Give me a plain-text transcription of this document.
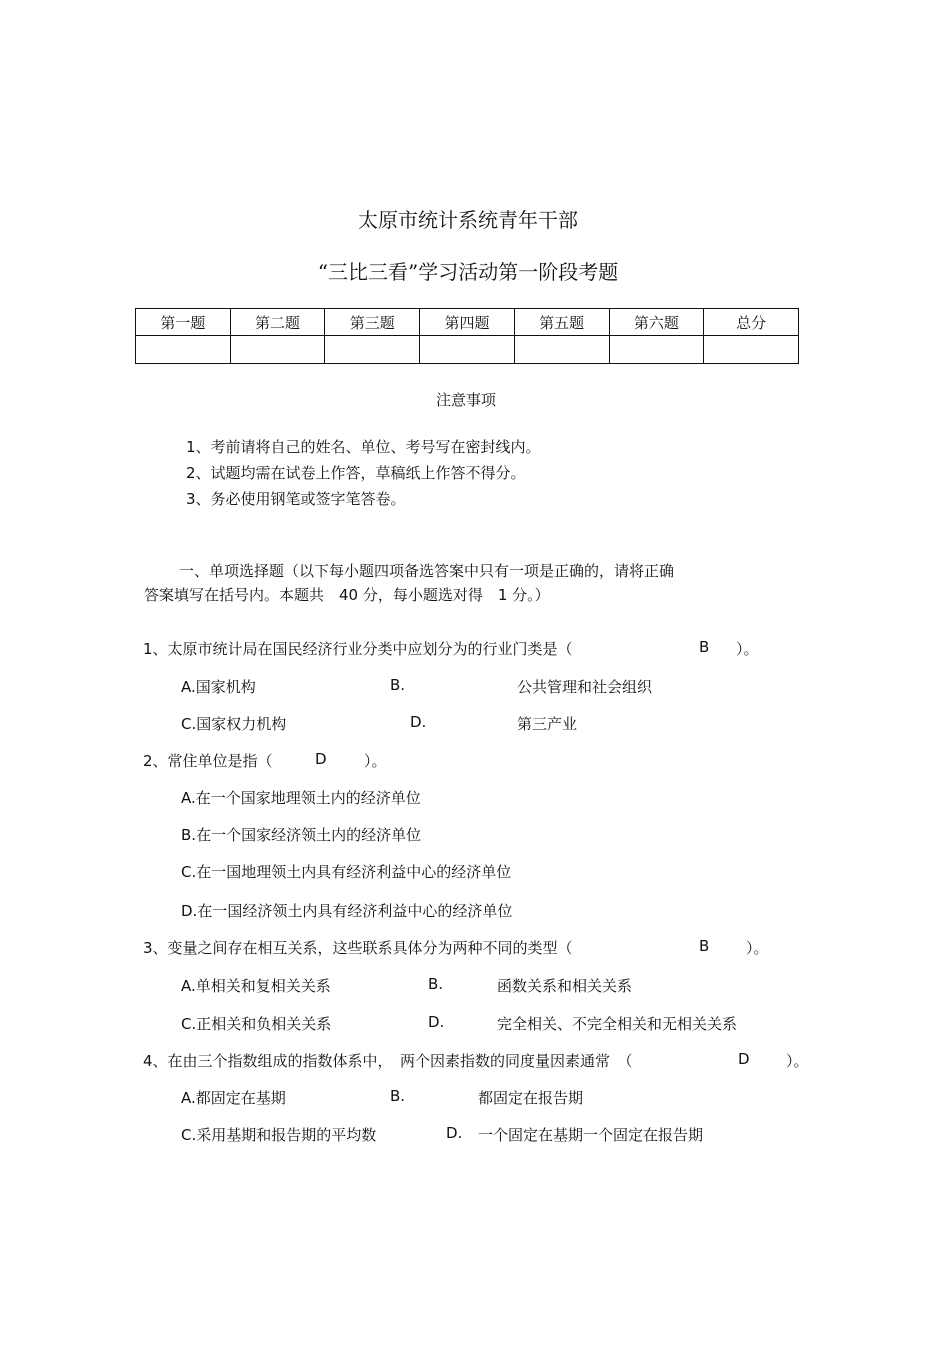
太原市统计系统青年干部
“三比三看”学习活动第一阶段考题
第一题	第二题	第三题	第四题	第五题	第六题	总分

注意事项
1、考前请将自己的姓名、单位、考号写在密封线内。
2、试题均需在试卷上作答，草稿纸上作答不得分。
3、务必使用钢笔或签字笔答卷。
一、单项选择题（以下每小题四项备选答案中只有一项是正确的，请将正确
答案填写在括号内。本题共　40 分，每小题选对得　1 分。）
1、太原市统计局在国民经济行业分类中应划分为的行业门类是（	B ）。
A.国家机构	B.	公共管理和社会组织
C.国家权力机构	D.	第三产业
2、常住单位是指（	D ）。
A.在一个国家地理领土内的经济单位
B.在一个国家经济领土内的经济单位
C.在一国地理领土内具有经济利益中心的经济单位
D.在一国经济领土内具有经济利益中心的经济单位
3、变量之间存在相互关系，这些联系具体分为两种不同的类型（	B ）。
A.单相关和复相关关系	B.	函数关系和相关关系
C.正相关和负相关关系	D.	完全相关、不完全相关和无相关关系
4、在由三个指数组成的指数体系中，　两个因素指数的同度量因素通常　（	D ）。
A.都固定在基期	B.	都固定在报告期
C.采用基期和报告期的平均数	D. 一个固定在基期一个固定在报告期
